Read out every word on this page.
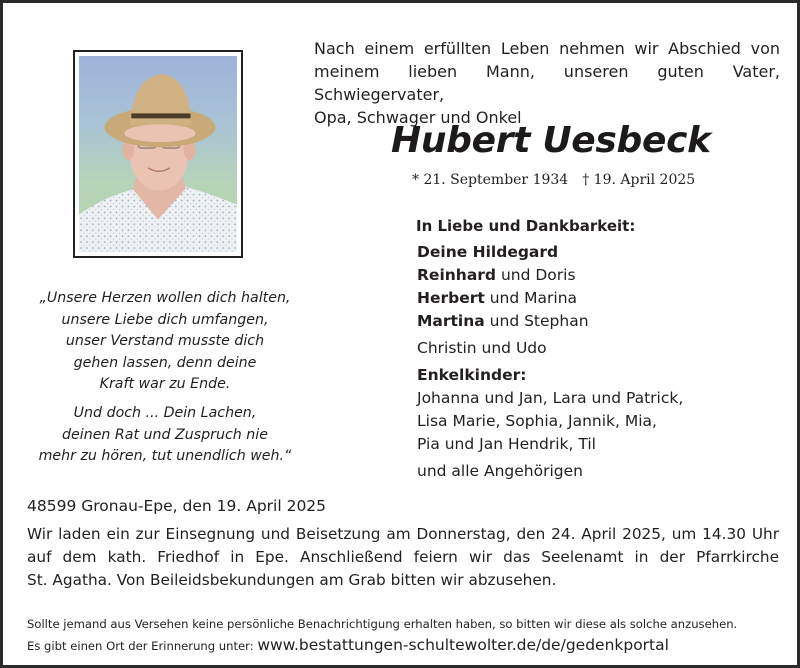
Nach einem erfüllten Leben nehmen wir Abschied von
meinem lieben Mann, unseren guten Vater, Schwiegervater,
Opa, Schwager und Onkel
Hubert Uesbeck
* 21. September 1934 † 19. April 2025
„Unsere Herzen wollen dich halten,
unsere Liebe dich umfangen,
unser Verstand musste dich
gehen lassen, denn deine
Kraft war zu Ende.
Und doch ... Dein Lachen,
deinen Rat und Zuspruch nie
mehr zu hören, tut unendlich weh.“
In Liebe und Dankbarkeit:
Deine Hildegard
Reinhard und Doris
Herbert und Marina
Martina und Stephan
Christin und Udo
Enkelkinder:
Johanna und Jan, Lara und Patrick,
Lisa Marie, Sophia, Jannik, Mia,
Pia und Jan Hendrik, Til
und alle Angehörigen
48599 Gronau-Epe, den 19. April 2025
Wir laden ein zur Einsegnung und Beisetzung am Donnerstag, den 24. April 2025, um 14.30 Uhr
auf dem kath. Friedhof in Epe. Anschließend feiern wir das Seelenamt in der Pfarrkirche
St. Agatha. Von Beileidsbekundungen am Grab bitten wir abzusehen.
Sollte jemand aus Versehen keine persönliche Benachrichtigung erhalten haben, so bitten wir diese als solche anzusehen.
Es gibt einen Ort der Erinnerung unter: www.bestattungen-schultewolter.de/de/gedenkportal
